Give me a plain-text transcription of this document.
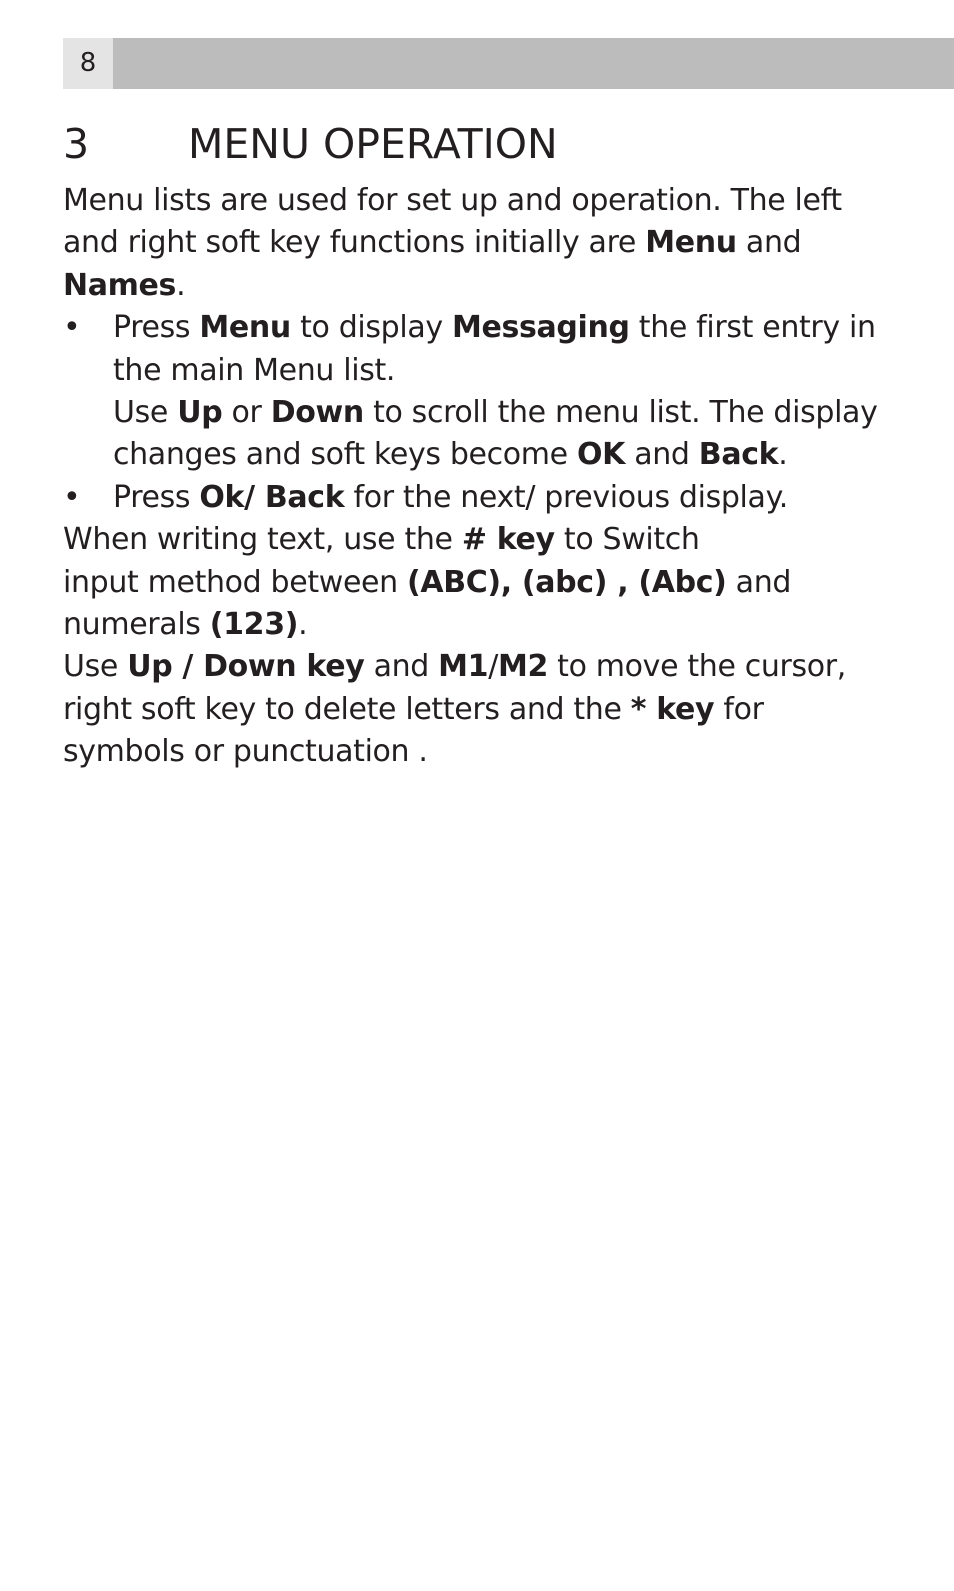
8
3 MENU OPERATION

Menu lists are used for set up and operation. The left and right soft key functions initially are Menu and Names.

• Press Menu to display Messaging the first entry in the main Menu list.

Use Up or Down to scroll the menu list. The display changes and soft keys become OK and Back.

• Press Ok/ Back for the next/ previous display.

When writing text, use the # key to Switch
input method between (ABC), (abc) , (Abc) and numerals (123).

Use Up / Down key and M1/M2 to move the cursor, right soft key to delete letters and the * key for symbols or punctuation .
